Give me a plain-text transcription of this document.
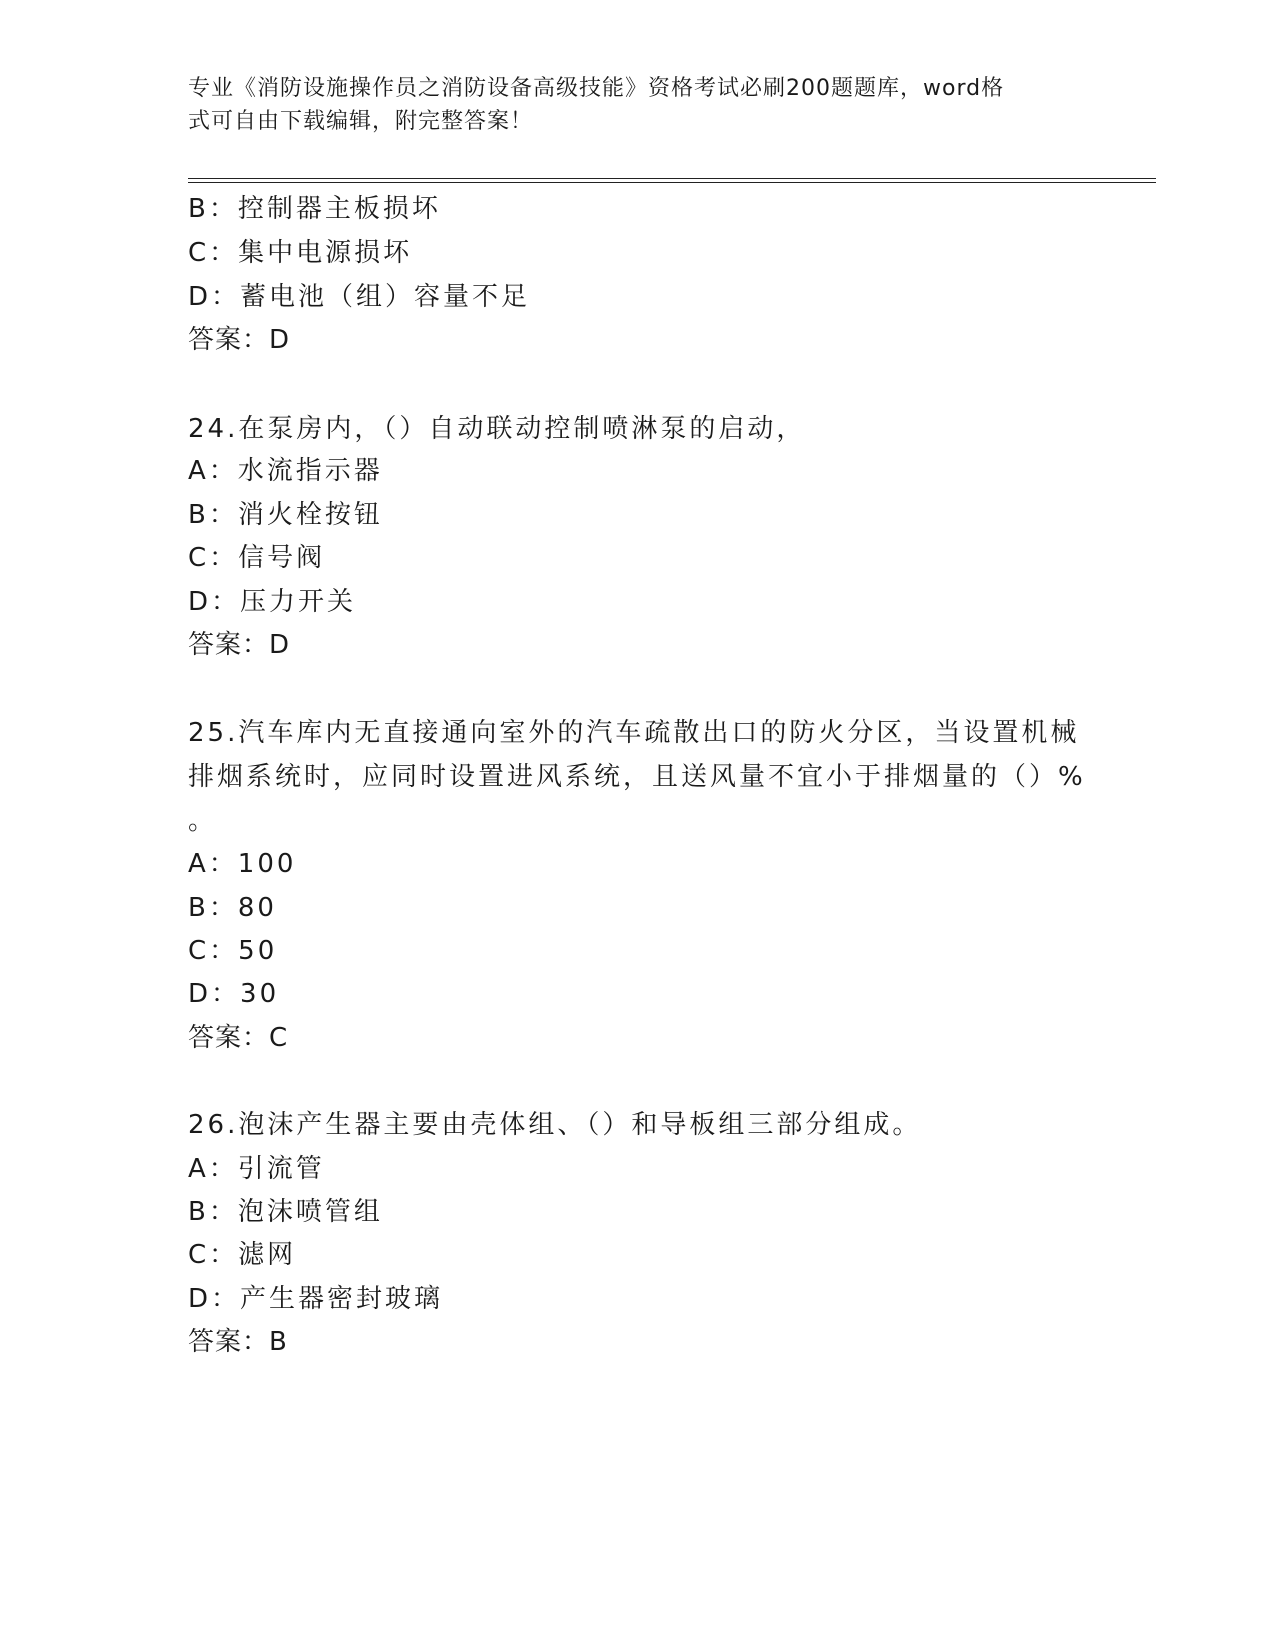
专业《消防设施操作员之消防设备高级技能》资格考试必刷200题题库，word格
式可自由下载编辑，附完整答案！
B：控制器主板损坏
C：集中电源损坏
D：蓄电池（组）容量不足
答案：D
24.在泵房内，（）自动联动控制喷淋泵的启动，
A：水流指示器
B：消火栓按钮
C：信号阀
D：压力开关
答案：D
25.汽车库内无直接通向室外的汽车疏散出口的防火分区，当设置机械
排烟系统时，应同时设置进风系统，且送风量不宜小于排烟量的（）%
。
A：100
B：80
C：50
D：30
答案：C
26.泡沫产生器主要由壳体组、（）和导板组三部分组成。
A：引流管
B：泡沫喷管组
C：滤网
D：产生器密封玻璃
答案：B
